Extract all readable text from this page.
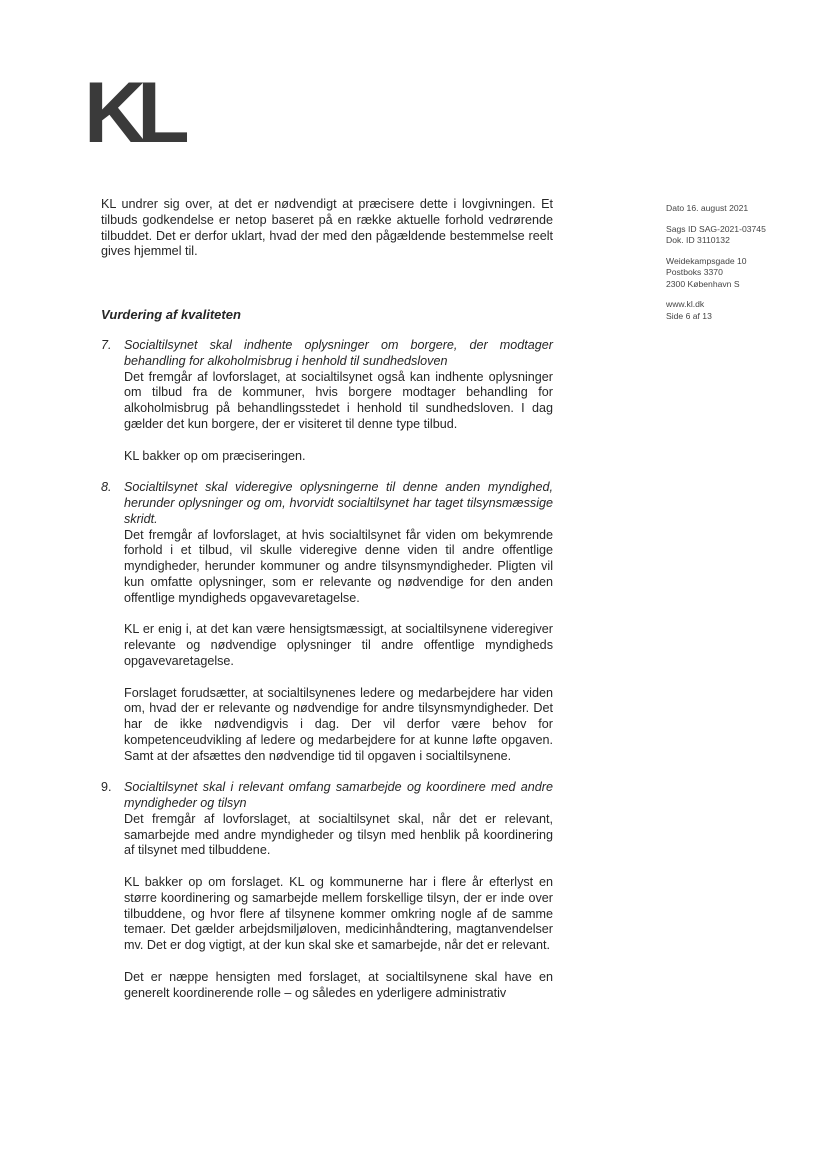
KL
Dato 16. august 2021
Sags ID SAG-2021-03745
Dok. ID 3110132
Weidekampsgade 10
Postboks 3370
2300 København S
www.kl.dk
Side 6 af 13

KL undrer sig over, at det er nødvendigt at præcisere dette i lovgivningen. Et tilbuds godkendelse er netop baseret på en række aktuelle forhold vedrørende tilbuddet. Det er derfor uklart, hvad der med den pågældende bestemmelse reelt gives hjemmel til.

Vurdering af kvaliteten

7. Socialtilsynet skal indhente oplysninger om borgere, der modtager behandling for alkoholmisbrug i henhold til sundhedsloven

Det fremgår af lovforslaget, at socialtilsynet også kan indhente oplysninger om tilbud fra de kommuner, hvis borgere modtager behandling for alkoholmisbrug på behandlingsstedet i henhold til sundhedsloven. I dag gælder det kun borgere, der er visiteret til denne type tilbud.

KL bakker op om præciseringen.

8. Socialtilsynet skal videregive oplysningerne til denne anden myndighed, herunder oplysninger og om, hvorvidt socialtilsynet har taget tilsynsmæssige skridt.

Det fremgår af lovforslaget, at hvis socialtilsynet får viden om bekymrende forhold i et tilbud, vil skulle videregive denne viden til andre offentlige myndigheder, herunder kommuner og andre tilsynsmyndigheder. Pligten vil kun omfatte oplysninger, som er relevante og nødvendige for den anden offentlige myndigheds opgavevaretagelse.

KL er enig i, at det kan være hensigtsmæssigt, at socialtilsynene videregiver relevante og nødvendige oplysninger til andre offentlige myndigheds opgavevaretagelse.

Forslaget forudsætter, at socialtilsynenes ledere og medarbejdere har viden om, hvad der er relevante og nødvendige for andre tilsynsmyndigheder. Det har de ikke nødvendigvis i dag. Der vil derfor være behov for kompetenceudvikling af ledere og medarbejdere for at kunne løfte opgaven. Samt at der afsættes den nødvendige tid til opgaven i socialtilsynene.

9. Socialtilsynet skal i relevant omfang samarbejde og koordinere med andre myndigheder og tilsyn

Det fremgår af lovforslaget, at socialtilsynet skal, når det er relevant, samarbejde med andre myndigheder og tilsyn med henblik på koordinering af tilsynet med tilbuddene.

KL bakker op om forslaget. KL og kommunerne har i flere år efterlyst en større koordinering og samarbejde mellem forskellige tilsyn, der er inde over tilbuddene, og hvor flere af tilsynene kommer omkring nogle af de samme temaer. Det gælder arbejdsmiljøloven, medicinhåndtering, magtanvendelser mv. Det er dog vigtigt, at der kun skal ske et samarbejde, når det er relevant.

Det er næppe hensigten med forslaget, at socialtilsynene skal have en generelt koordinerende rolle – og således en yderligere administrativ
